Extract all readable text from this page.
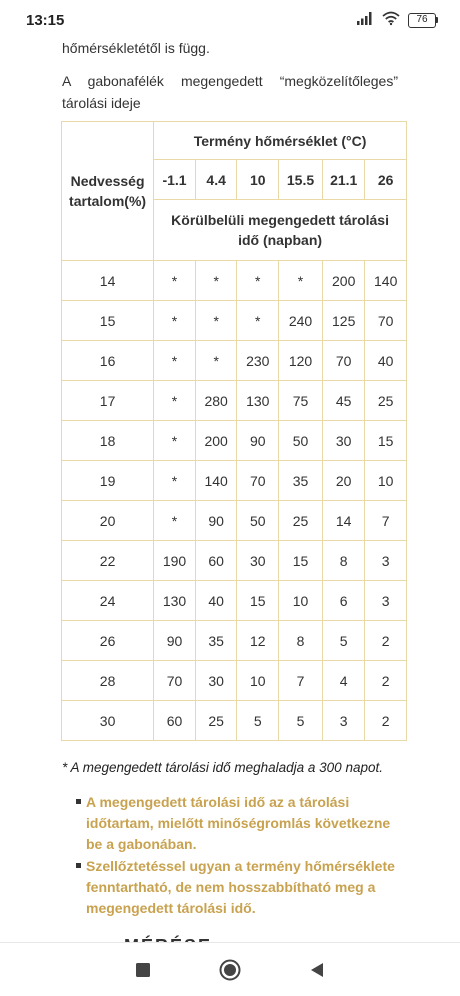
hőmérsékletétől is függ.
A gabonafélék megengedett “megközelítőleges” tárolási ideje
Nedvesség tartalom(%)	Termény hőmérséklet (°C)					
	-1.1	4.4	10	15.5	21.1	26
	Körülbelüli megengedett tárolási idő (napban)					
14	*	*	*	*	200	140
15	*	*	*	240	125	70
16	*	*	230	120	70	40
17	*	280	130	75	45	25
18	*	200	90	50	30	15
19	*	140	70	35	20	10
20	*	90	50	25	14	7
22	190	60	30	15	8	3
24	130	40	15	10	6	3
26	90	35	12	8	5	2
28	70	30	10	7	4	2
30	60	25	5	5	3	2
* A megengedett tárolási idő meghaladja a 300 napot.
A megengedett tárolási idő az a tárolási időtartam, mielőtt minőségromlás következne be a gabonában.
Szellőztetéssel ugyan a termény hőmérséklete fenntartható, de nem hosszabbítható meg a megengedett tárolási idő.
13:15	76
